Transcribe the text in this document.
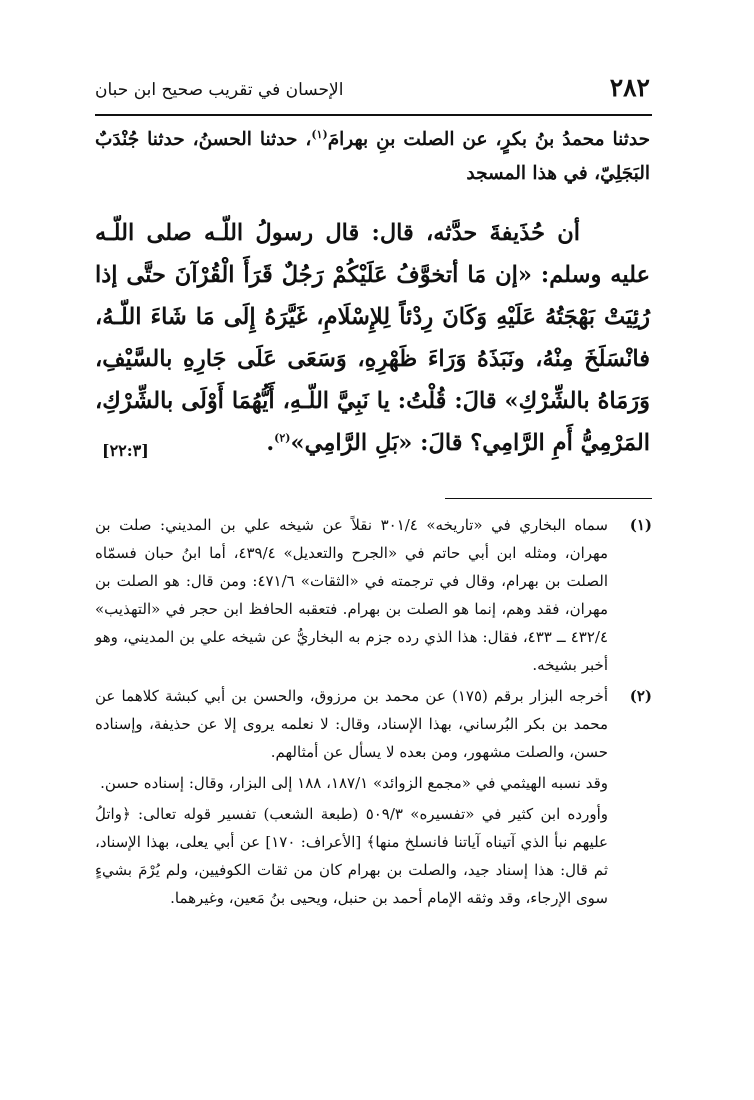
٢٨٢
الإحسان في تقريب صحيح ابن حبان
حدثنا محمدُ بنُ بكرٍ، عن الصلت بنِ بهرامَ$^{(١)}$، حدثنا الحسنُ، حدثنا جُنْدَبٌ البَجَلِيّ، في هذا المسجد

أن حُذَيفةَ حدَّثه، قال: قال رسولُ اللّـه صلى اللّـه عليه وسلم: «إن مَا أتخوَّفُ عَلَيْكُمْ رَجُلٌ قَرَأَ الْقُرْآنَ حتَّى إذا رُئِيَتْ بَهْجَتُهُ عَلَيْهِ وَكَانَ رِدْئاً لِلإِسْلَامِ، غَيَّرَهُ إِلَى مَا شَاءَ اللّـهُ، فانْسَلَخَ مِنْهُ، ونَبَذَهُ وَرَاءَ ظَهْرِهِ، وَسَعَى عَلَى جَارِهِ بالسَّيْفِ، وَرَمَاهُ بالشِّرْكِ» قالَ: قُلْتُ: يا نَبِيَّ اللّـهِ، أَيُّهُمَا أَوْلَى بالشِّرْكِ، المَرْمِيُّ أَمِ الرَّامِي؟ قالَ: «بَلِ الرَّامِي»$^{(٢)}$.

[٢٢:٣]
(١)
سماه البخاري في «تاريخه» ٣٠١/٤ نقلاً عن شيخه علي بن المديني: صلت بن مهران، ومثله ابن أبي حاتم في «الجرح والتعديل» ٤٣٩/٤، أما ابنُ حبان فسمّاه الصلت بن بهرام، وقال في ترجمته في «الثقات» ٤٧١/٦: ومن قال: هو الصلت بن مهران، فقد وهم، إنما هو الصلت بن بهرام. فتعقبه الحافظ ابن حجر في «التهذيب» ٤٣٢/٤ ــ ٤٣٣، فقال: هذا الذي رده جزم به البخاريُّ عن شيخه علي بن المديني، وهو أخبر بشيخه.
(٢)
أخرجه البزار برقم (١٧٥) عن محمد بن مرزوق، والحسن بن أبي كبشة كلاهما عن محمد بن بكر البُرساني، بهذا الإسناد، وقال: لا نعلمه يروى إلا عن حذيفة، وإسناده حسن، والصلت مشهور، ومن بعده لا يسأل عن أمثالهم.

وقد نسبه الهيثمي في «مجمع الزوائد» ١٨٧/١، ١٨٨ إلى البزار، وقال: إسناده حسن.

وأورده ابن كثير في «تفسيره» ٥٠٩/٣ (طبعة الشعب) تفسير قوله تعالى: ﴿واتلُ عليهم نبأ الذي آتيناه آياتنا فانسلخ منها﴾ [الأعراف: ١٧٠] عن أبي يعلى، بهذا الإسناد، ثم قال: هذا إسناد جيد، والصلت بن بهرام كان من ثقات الكوفيين، ولم يُرْمَ بشيءٍ سوى الإرجاء، وقد وثقه الإمام أحمد بن حنبل، ويحيى بنُ مَعين، وغيرهما.
